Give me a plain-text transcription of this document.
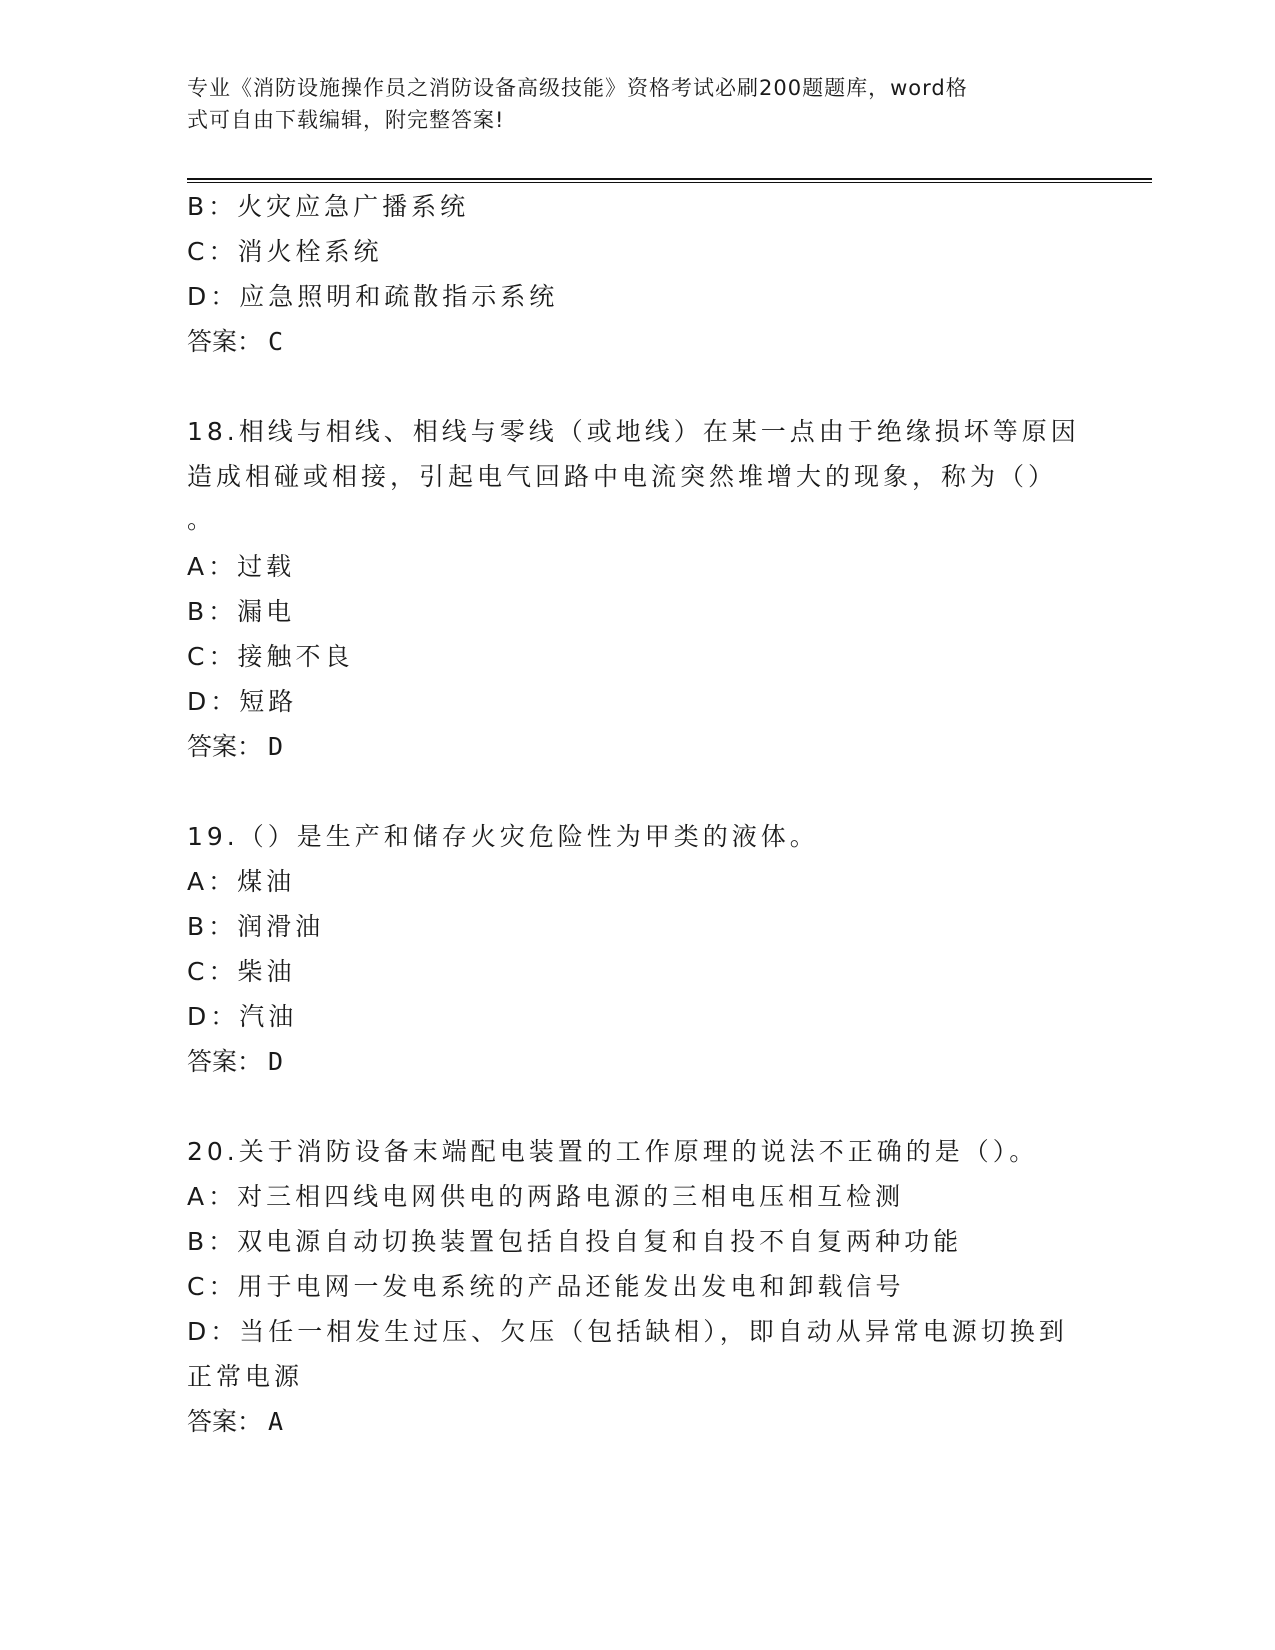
专业《消防设施操作员之消防设备高级技能》资格考试必刷200题题库，word格
式可自由下载编辑，附完整答案!
B：火灾应急广播系统
C：消火栓系统
D：应急照明和疏散指示系统
答案： C
18.相线与相线、相线与零线（或地线）在某一点由于绝缘损坏等原因
造成相碰或相接，引起电气回路中电流突然堆增大的现象，称为（）
。
A：过载
B：漏电
C：接触不良
D：短路
答案： D
19.（）是生产和储存火灾危险性为甲类的液体。
A：煤油
B：润滑油
C：柴油
D：汽油
答案： D
20.关于消防设备末端配电装置的工作原理的说法不正确的是（）。
A：对三相四线电网供电的两路电源的三相电压相互检测
B：双电源自动切换装置包括自投自复和自投不自复两种功能
C：用于电网一发电系统的产品还能发出发电和卸载信号
D：当任一相发生过压、欠压（包括缺相），即自动从异常电源切换到
正常电源
答案： A
